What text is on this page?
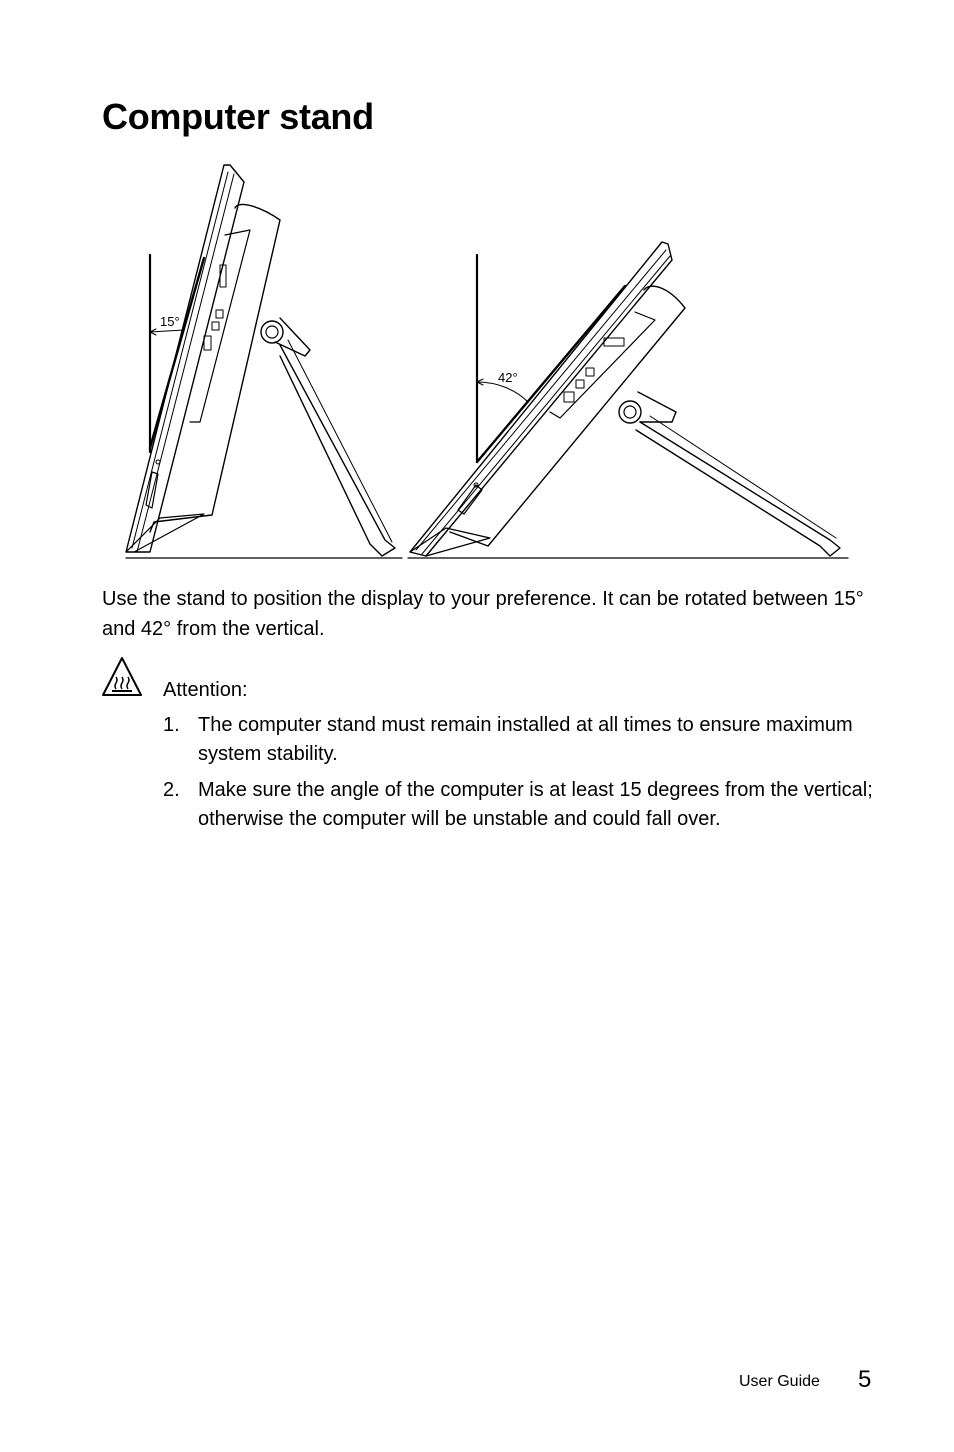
Computer stand
15°
42°

Use the stand to position the display to your preference. It can be rotated between 15° and 42° from the vertical.

Attention:
1. The computer stand must remain installed at all times to ensure maximum system stability.
2. Make sure the angle of the computer is at least 15 degrees from the vertical; otherwise the computer will be unstable and could fall over.
User Guide 5
